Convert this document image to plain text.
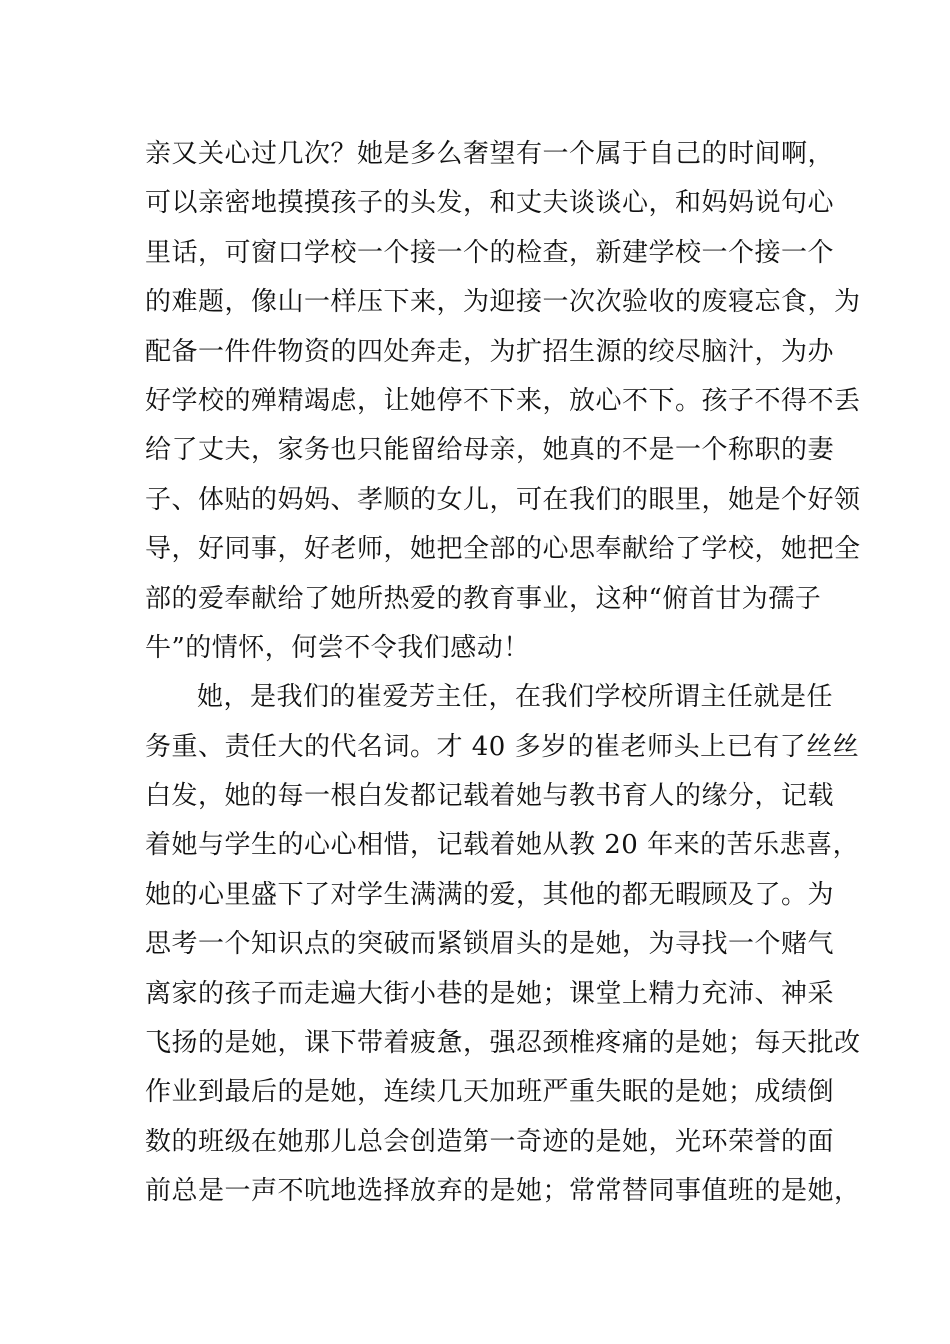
亲又关心过几次？她是多么奢望有一个属于自己的时间啊，
可以亲密地摸摸孩子的头发，和丈夫谈谈心，和妈妈说句心
里话，可窗口学校一个接一个的检查，新建学校一个接一个
的难题，像山一样压下来，为迎接一次次验收的废寝忘食，为
配备一件件物资的四处奔走，为扩招生源的绞尽脑汁，为办
好学校的殚精竭虑，让她停不下来，放心不下。孩子不得不丢
给了丈夫，家务也只能留给母亲，她真的不是一个称职的妻
子、体贴的妈妈、孝顺的女儿，可在我们的眼里，她是个好领
导，好同事，好老师，她把全部的心思奉献给了学校，她把全
部的爱奉献给了她所热爱的教育事业，这种“俯首甘为孺子
牛”的情怀，何尝不令我们感动！
她，是我们的崔爱芳主任，在我们学校所谓主任就是任
务重、责任大的代名词。才 40 多岁的崔老师头上已有了丝丝
白发，她的每一根白发都记载着她与教书育人的缘分，记载
着她与学生的心心相惜，记载着她从教 20 年来的苦乐悲喜，
她的心里盛下了对学生满满的爱，其他的都无暇顾及了。为
思考一个知识点的突破而紧锁眉头的是她，为寻找一个赌气
离家的孩子而走遍大街小巷的是她；课堂上精力充沛、神采
飞扬的是她，课下带着疲惫，强忍颈椎疼痛的是她；每天批改
作业到最后的是她，连续几天加班严重失眠的是她；成绩倒
数的班级在她那儿总会创造第一奇迹的是她，光环荣誉的面
前总是一声不吭地选择放弃的是她；常常替同事值班的是她，
